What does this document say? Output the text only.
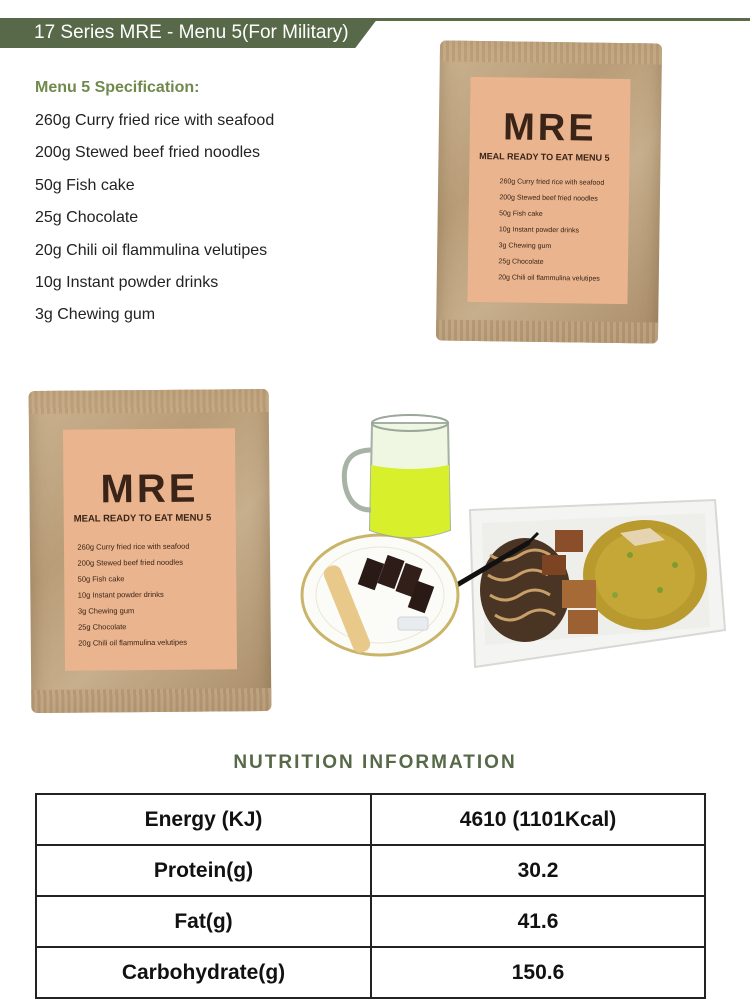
17 Series MRE - Menu 5(For Military)
Menu 5 Specification:
260g Curry fried rice with seafood
200g Stewed beef fried noodles
50g Fish cake
25g Chocolate
20g Chili oil flammulina velutipes
10g Instant powder drinks
3g Chewing gum
MRE
MEAL READY TO EAT MENU 5
260g Curry fried rice with seafood
200g Stewed beef fried noodles
50g Fish cake
10g Instant powder drinks
3g Chewing gum
25g Chocolate
20g Chili oil flammulina velutipes
MRE
MEAL READY TO EAT MENU 5
260g Curry fried rice with seafood
200g Stewed beef fried noodles
50g Fish cake
10g Instant powder drinks
3g Chewing gum
25g Chocolate
20g Chili oil flammulina velutipes
NUTRITION INFORMATION
Energy (KJ)	4610 (1101Kcal)
Protein(g)	30.2
Fat(g)	41.6
Carbohydrate(g)	150.6
